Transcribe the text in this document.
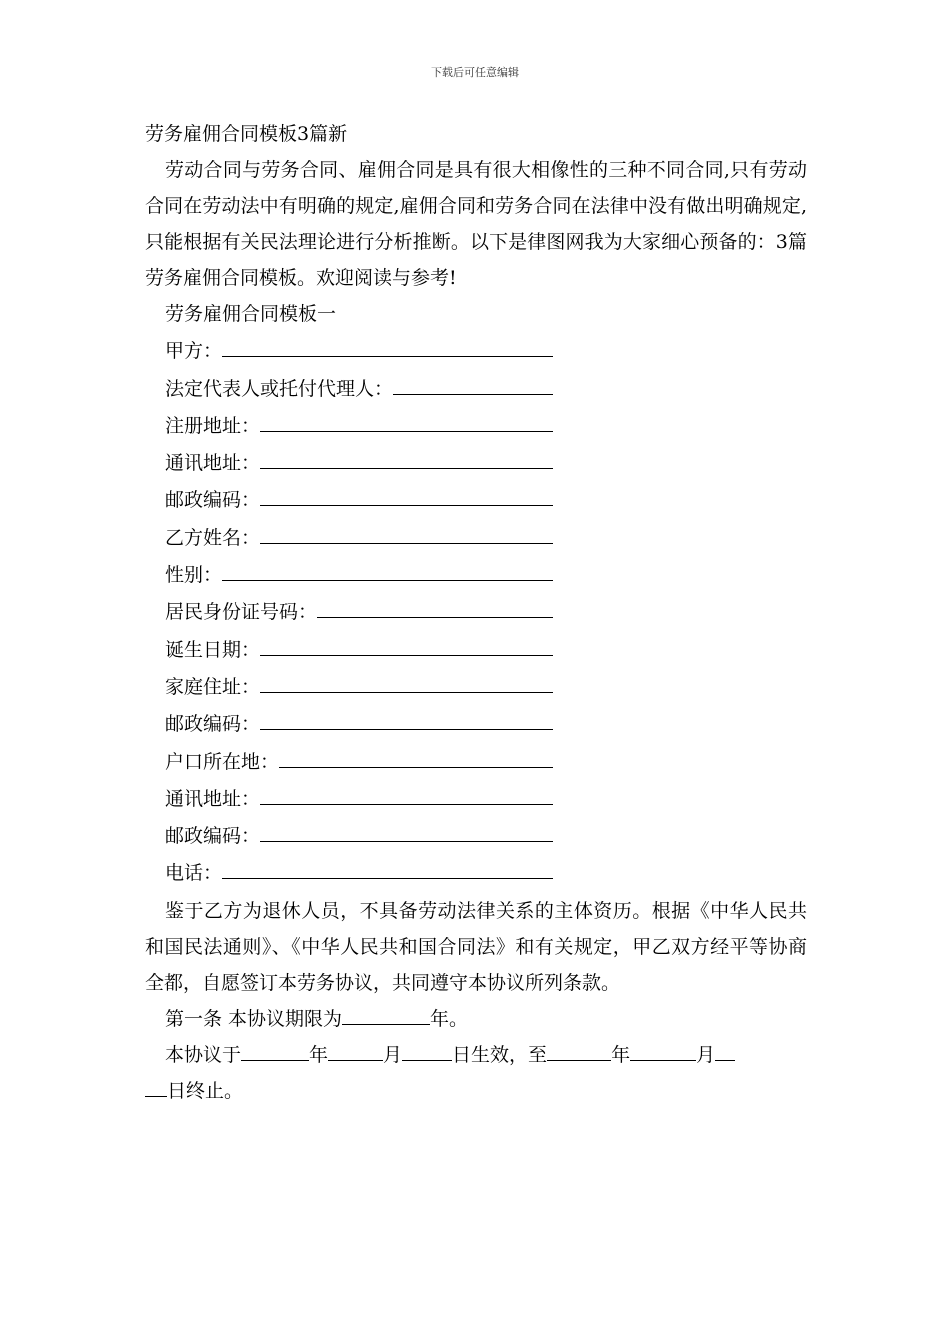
下载后可任意编辑

劳务雇佣合同模板3篇新

劳动合同与劳务合同、雇佣合同是具有很大相像性的三种不同合同,只有劳动合同在劳动法中有明确的规定,雇佣合同和劳务合同在法律中没有做出明确规定,只能根据有关民法理论进行分析推断。以下是律图网我为大家细心预备的：3篇劳务雇佣合同模板。欢迎阅读与参考!

劳务雇佣合同模板一
甲方：
法定代表人或托付代理人：
注册地址：
通讯地址：
邮政编码：
乙方姓名：
性别：
居民身份证号码：
诞生日期：
家庭住址：
邮政编码：
户口所在地：
通讯地址：
邮政编码：
电话：

鉴于乙方为退休人员，不具备劳动法律关系的主体资历。根据《中华人民共和国民法通则》、《中华人民共和国合同法》和有关规定，甲乙双方经平等协商全都，自愿签订本劳务协议，共同遵守本协议所列条款。

第一条 本协议期限为	年。

本协议于	年	月	日生效，至	年	月

日终止。
